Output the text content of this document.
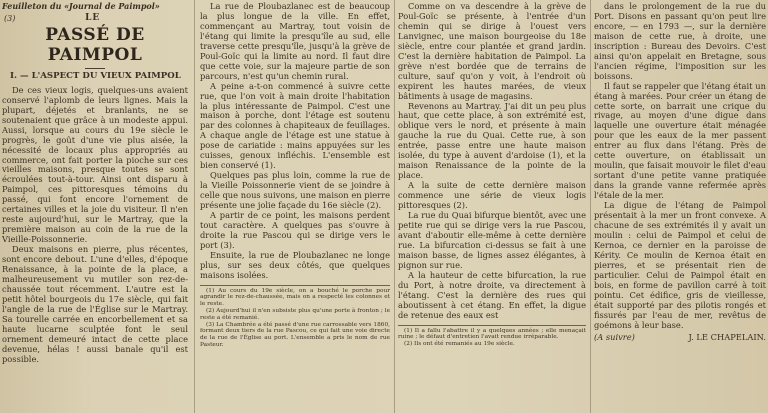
Feuilleton du «Journal de Paimpol»

(3)	LE
PASSÉ DE PAIMPOL
I. — L'ASPECT DU VIEUX PAIMPOL

De ces vieux logis, quelques-uns avaient conservé l'aplomb de leurs lignes. Mais la plupart, déjetés et branlants, ne se soutenaient que grâce à un modeste appui. Aussi, lorsque au cours du 19e siècle le progrès, le goût d'une vie plus aisée, la nécessité de locaux plus appropriés au commerce, ont fait porter la pioche sur ces vieilles maisons, presque toutes se sont écroulées tout-à-tour. Ainsi ont disparu à Paimpol, ces pittoresques témoins du passé, qui font encore l'ornement de certaines villes et la joie du visiteur. Il n'en reste aujourd'hui, sur le Martray, que la première maison au coin de la rue de la Vieille-Poissonnerie.

Deux maisons en pierre, plus récentes, sont encore debout. L'une d'elles, d'époque Renaissance, à la pointe de la place, a malheureusement vu mutiler son rez-de-chaussée tout récemment. L'autre est la petit hôtel bourgeois du 17e siècle, qui fait l'angle de la rue de l'Église sur le Martray. Sa tourelle carrée en encorbellement et sa haute lucarne sculptée font le seul ornement demeuré intact de cette place devenue, hélas ! aussi banale qu'il est possible.

La rue de Ploubazlanec est de beaucoup la plus longue de la ville. En effet, commençant au Martray, tout voisin de l'étang qui limite la presqu'île au sud, elle traverse cette presqu'île, jusqu'à la grève de Poul-Goïc qui la limite au nord. Il faut dire que cette voie, sur la majeure partie de son parcours, n'est qu'un chemin rural.

A peine a-t-on commencé à suivre cette rue, que l'on voit à main droite l'habitation la plus intéressante de Paimpol. C'est une maison à porche, dont l'étage est soutenu par des colonnes à chapiteaux de feuillages. A chaque angle de l'étage est une statue à pose de cariatide : mains appuyées sur les cuisses, genoux infléchis. L'ensemble est bien conservé (1).

Quelques pas plus loin, comme la rue de la Vieille Poissonnerie vient de se joindre à celle que nous suivons, une maison en pierre présente une jolie façade du 16e siècle (2).

A partir de ce point, les maisons perdent tout caractère. A quelques pas s'ouvre à droite la rue Pascou qui se dirige vers le port (3).

Ensuite, la rue de Ploubazlanec ne longe plus, sur ses deux côtés, que quelques maisons isolées.

(1) Au cours du 19e siècle, on a bouché le porche pour agrandir le rez-de-chaussée, mais on a respecté les colonnes et le reste.

(2) Aujourd'hui il n'en subsiste plus qu'une porte à fronton ; le reste a été remanié.

(3) La Chambrée a été passé d'une rue carrossable vers 1860, formant deux tiers de la rue Pascou, ce qui fait une voie directe de la rue de l'Église au port. L'ensemble a pris le nom de rue Pasteur.

Comme on va descendre à la grève de Poul-Goïc se présente, à l'entrée d'un chemin qui se dirige à l'ouest vers Lanvignec, une maison bourgeoise du 18e siècle, entre cour plantée et grand jardin. C'est la dernière habitation de Paimpol. La grève n'est bordée que de terrains de culture, sauf qu'on y voit, à l'endroit où expirent les hautes marées, de vieux bâtiments à usage de magasins.

Revenons au Martray. J'ai dit un peu plus haut, que cette place, à son extrémité est, oblique vers le nord, et présente à main gauche la rue du Quai. Cette rue, à son entrée, passe entre une haute maison isolée, du type à auvent d'ardoise (1), et la maison Renaissance de la pointe de la place.

A la suite de cette dernière maison commence une série de vieux logis pittoresques (2).

La rue du Quai bifurque bientôt, avec une petite rue qui se dirige vers la rue Pascou, avant d'aboutir elle-même à cette dernière rue. La bifurcation ci-dessus se fait à une maison basse, de lignes assez élégantes, à pignon sur rue.

A la hauteur de cette bifurcation, la rue du Port, à notre droite, va directement à l'étang. C'est la dernière des rues qui aboutissent à cet étang. En effet, la digue de retenue des eaux est

(1) Il a fallu l'abattre il y a quelques années ; elle menaçait ruine ; le défaut d'entretien l'avait rendue irréparable.

(2) Ils ont été remaniés au 19e siècle.

dans le prolongement de la rue du Port. Disons en passant qu'on peut lire encore, — en 1793 —, sur la dernière maison de cette rue, à droite, une inscription : Bureau des Devoirs. C'est ainsi qu'on appelait en Bretagne, sous l'ancien régime, l'imposition sur les boissons.

Il faut se rappeler que l'étang était un étang à marées. Pour créer un étang de cette sorte, on barrait une crique du rivage, au moyen d'une digue dans laquelle une ouverture était ménagée pour que les eaux de la mer passent entrer au flux dans l'étang. Près de cette ouverture, on établissait un moulin, que faisait mouvoir le filet d'eau sortant d'une petite vanne pratiquée dans la grande vanne refermée après l'étale de la mer.

La digue de l'étang de Paimpol présentait à la mer un front convexe. A chacune de ses extrémités il y avait un moulin : celui de Paimpol et celui de Kernoa, ce dernier en la paroisse de Kérity. Ce moulin de Kernoa était en pierres, et se présentait rien de particulier. Celui de Paimpol était en bois, en forme de pavillon carré à toit pointu. Cet édifice, gris de vieillesse, était supporté par des pilotis rongés et fissurés par l'eau de mer, revêtus de goémons à leur base.

(A suivre)	J. LE CHAPELAIN.
